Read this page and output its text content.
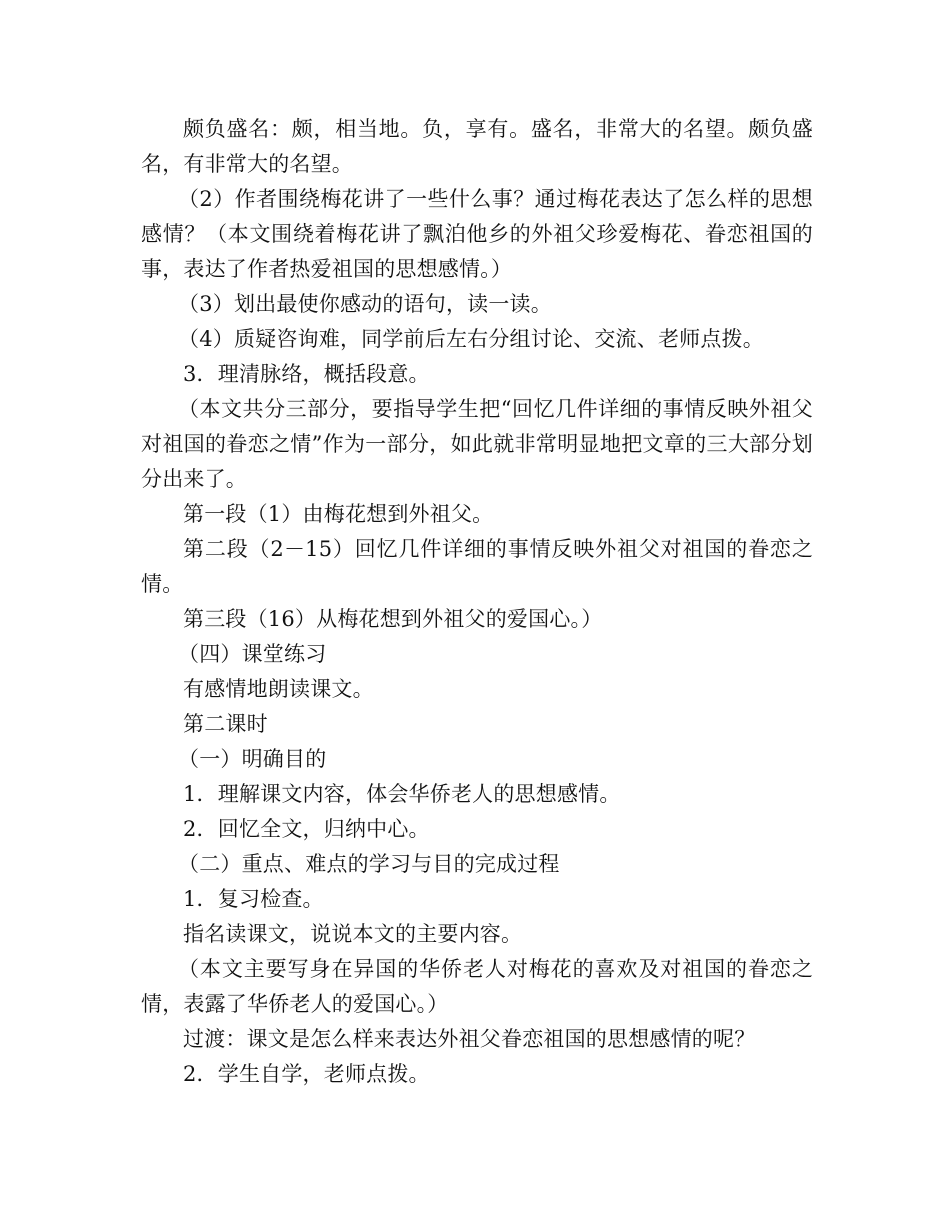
颇负盛名：颇，相当地。负，享有。盛名，非常大的名望。颇负盛名，有非常大的名望。

（2）作者围绕梅花讲了一些什么事？通过梅花表达了怎么样的思想感情？（本文围绕着梅花讲了飘泊他乡的外祖父珍爱梅花、眷恋祖国的事，表达了作者热爱祖国的思想感情。）

（3）划出最使你感动的语句，读一读。

（4）质疑咨询难，同学前后左右分组讨论、交流、老师点拨。

3．理清脉络，概括段意。

（本文共分三部分，要指导学生把“回忆几件详细的事情反映外祖父对祖国的眷恋之情”作为一部分，如此就非常明显地把文章的三大部分划分出来了。

第一段（1）由梅花想到外祖父。

第二段（2－15）回忆几件详细的事情反映外祖父对祖国的眷恋之情。

第三段（16）从梅花想到外祖父的爱国心。）

（四）课堂练习

有感情地朗读课文。

第二课时

（一）明确目的

1．理解课文内容，体会华侨老人的思想感情。

2．回忆全文，归纳中心。

（二）重点、难点的学习与目的完成过程

1．复习检查。

指名读课文，说说本文的主要内容。

（本文主要写身在异国的华侨老人对梅花的喜欢及对祖国的眷恋之情，表露了华侨老人的爱国心。）

过渡：课文是怎么样来表达外祖父眷恋祖国的思想感情的呢？

2．学生自学，老师点拨。
